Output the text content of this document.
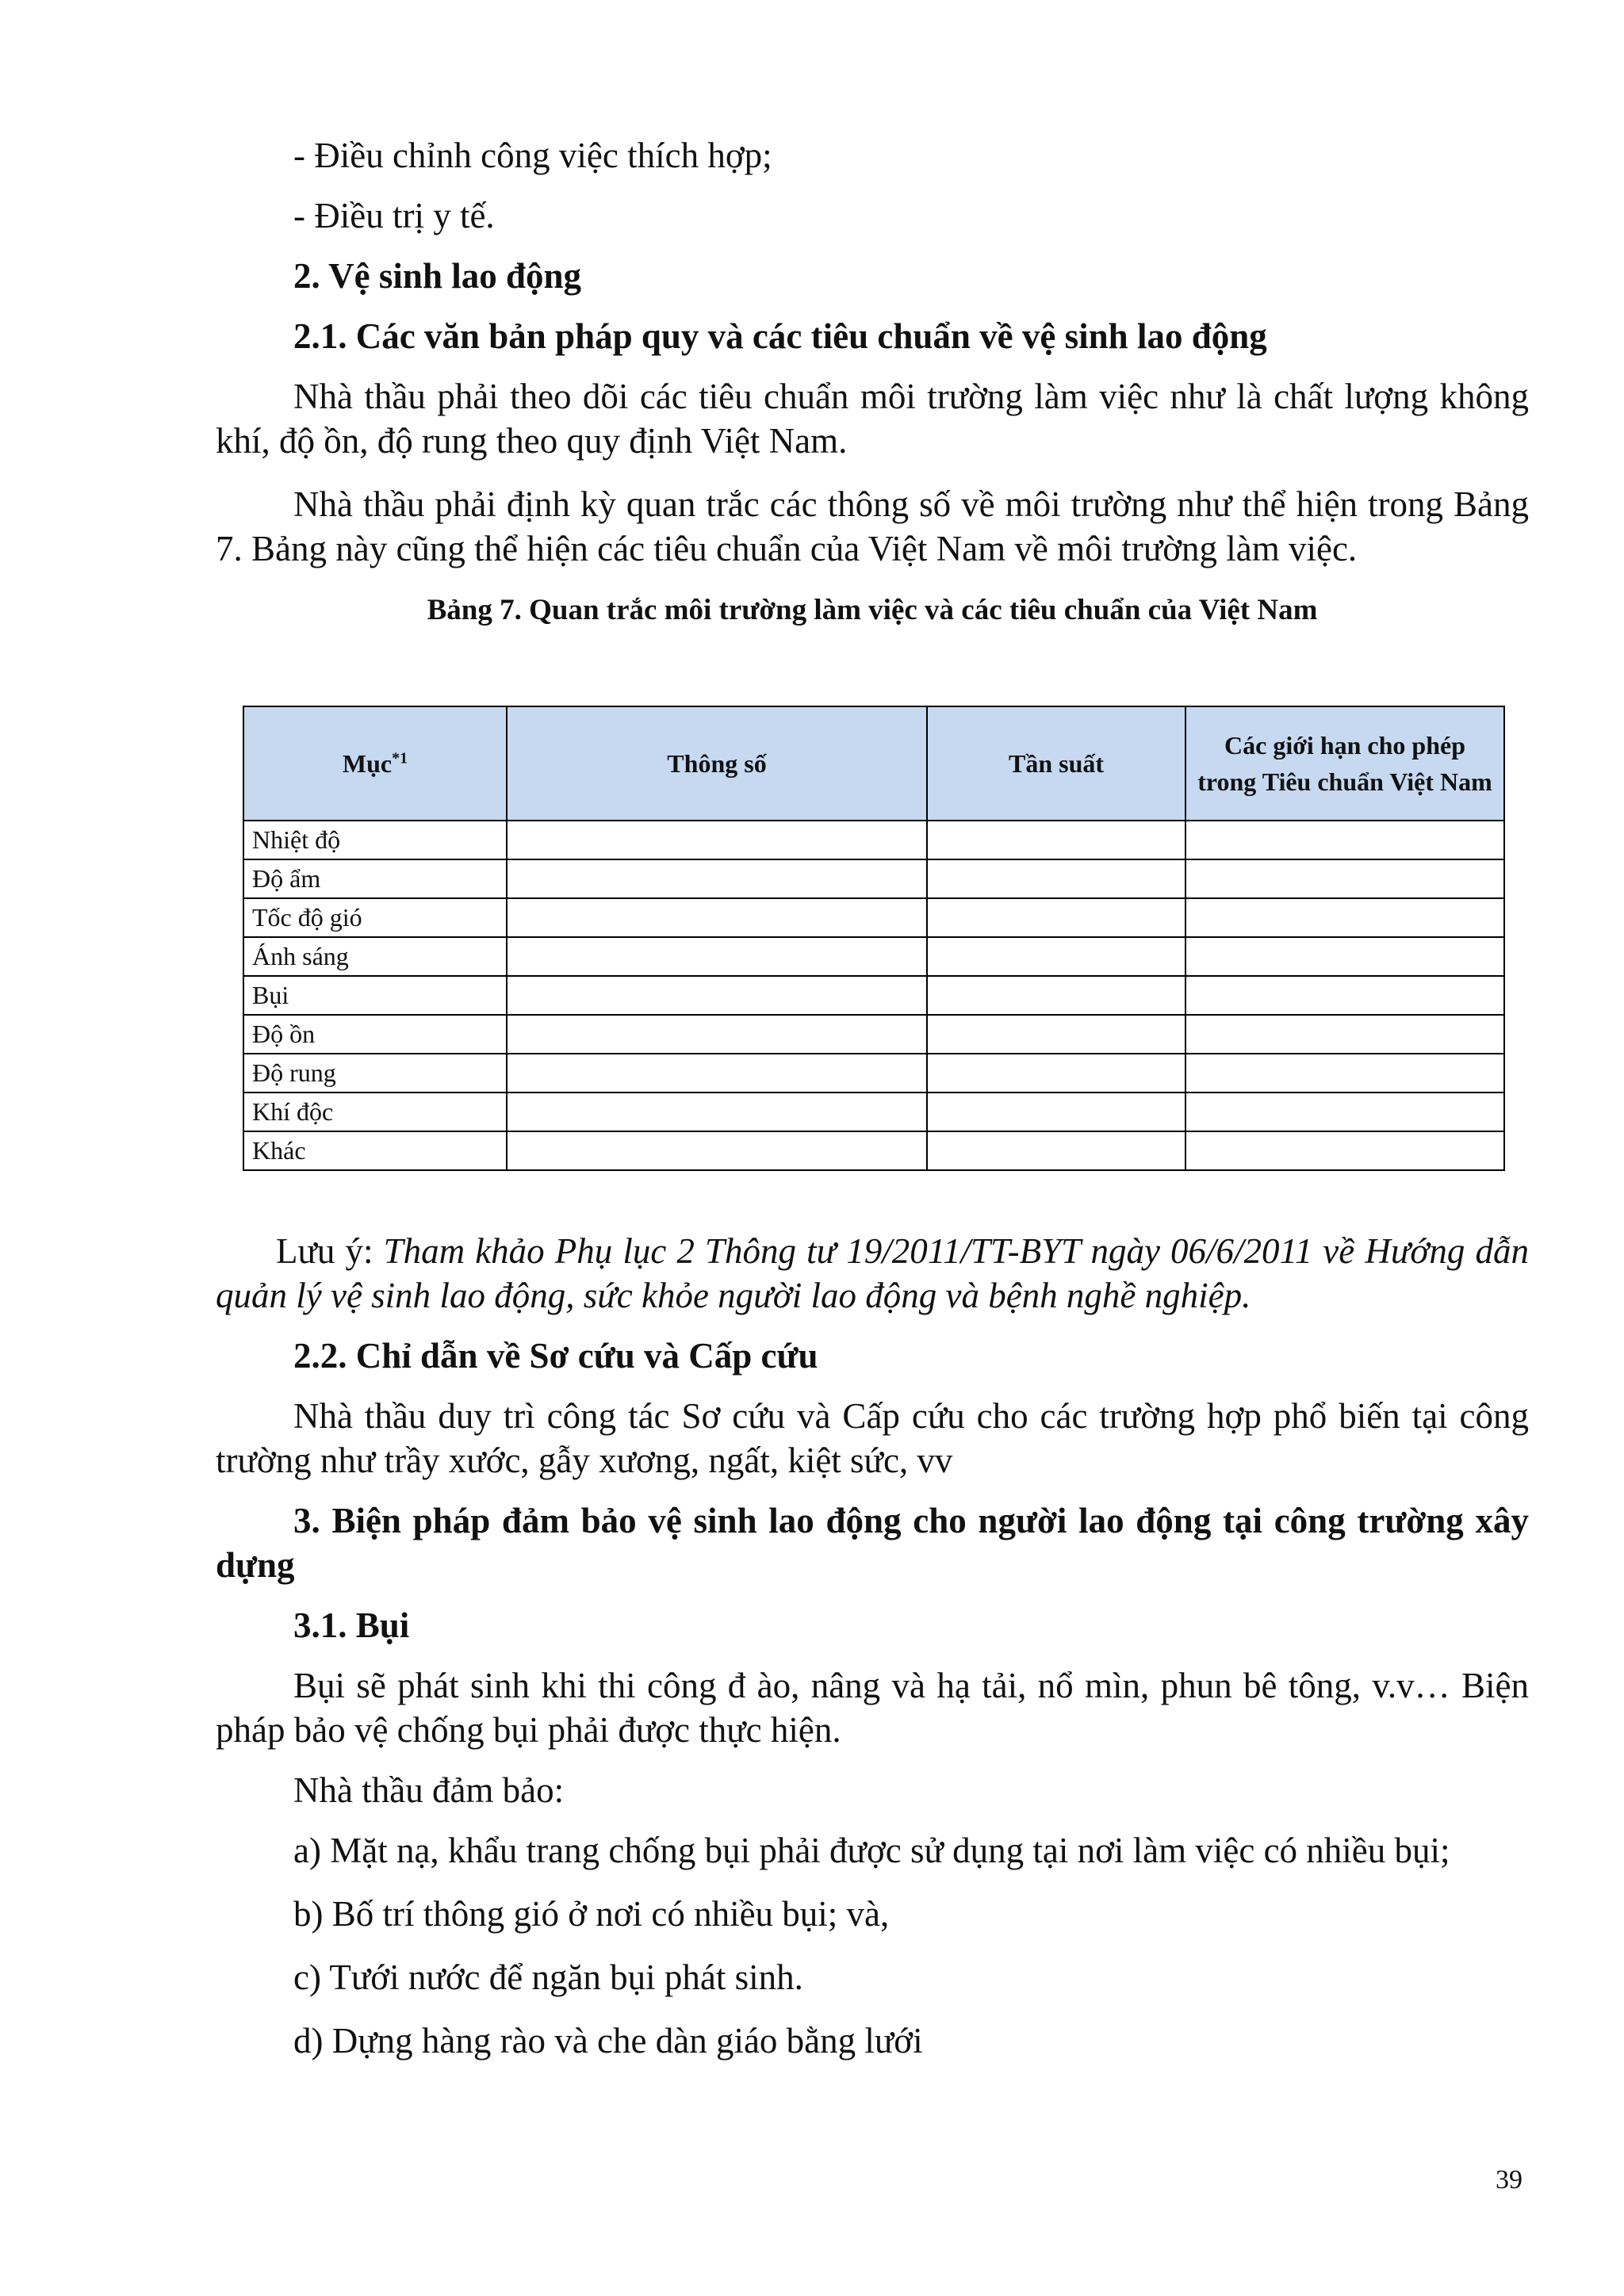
- Điều chỉnh công việc thích hợp;

- Điều trị y tế.

2. Vệ sinh lao động

2.1. Các văn bản pháp quy và các tiêu chuẩn về vệ sinh lao động

Nhà thầu phải theo dõi các tiêu chuẩn môi trường làm việc như là chất lượng không khí, độ ồn, độ rung theo quy định Việt Nam.

Nhà thầu phải định kỳ quan trắc các thông số về môi trường như thể hiện trong Bảng 7. Bảng này cũng thể hiện các tiêu chuẩn của Việt Nam về môi trường làm việc.

Bảng 7. Quan trắc môi trường làm việc và các tiêu chuẩn của Việt Nam

Mục$^{*1}$	Thông số	Tần suất	Các giới hạn cho phép trong Tiêu chuẩn Việt Nam
Nhiệt độ			
Độ ẩm			
Tốc độ gió			
Ánh sáng			
Bụi			
Độ ồn			
Độ rung			
Khí độc			
Khác			

Lưu ý: Tham khảo Phụ lục 2 Thông tư 19/2011/TT-BYT ngày 06/6/2011 về Hướng dẫn quản lý vệ sinh lao động, sức khỏe người lao động và bệnh nghề nghiệp.

2.2. Chỉ dẫn về Sơ cứu và Cấp cứu

Nhà thầu duy trì công tác Sơ cứu và Cấp cứu cho các trường hợp phổ biến tại công trường như trầy xước, gẫy xương, ngất, kiệt sức, vv

3. Biện pháp đảm bảo vệ sinh lao động cho người lao động tại công trường xây dựng

3.1. Bụi

Bụi sẽ phát sinh khi thi công đ ào, nâng và hạ tải, nổ mìn, phun bê tông, v.v… Biện pháp bảo vệ chống bụi phải được thực hiện.

Nhà thầu đảm bảo:

a) Mặt nạ, khẩu trang chống bụi phải được sử dụng tại nơi làm việc có nhiều bụi;

b) Bố trí thông gió ở nơi có nhiều bụi; và,

c) Tưới nước để ngăn bụi phát sinh.

d) Dựng hàng rào và che dàn giáo bằng lưới

39
